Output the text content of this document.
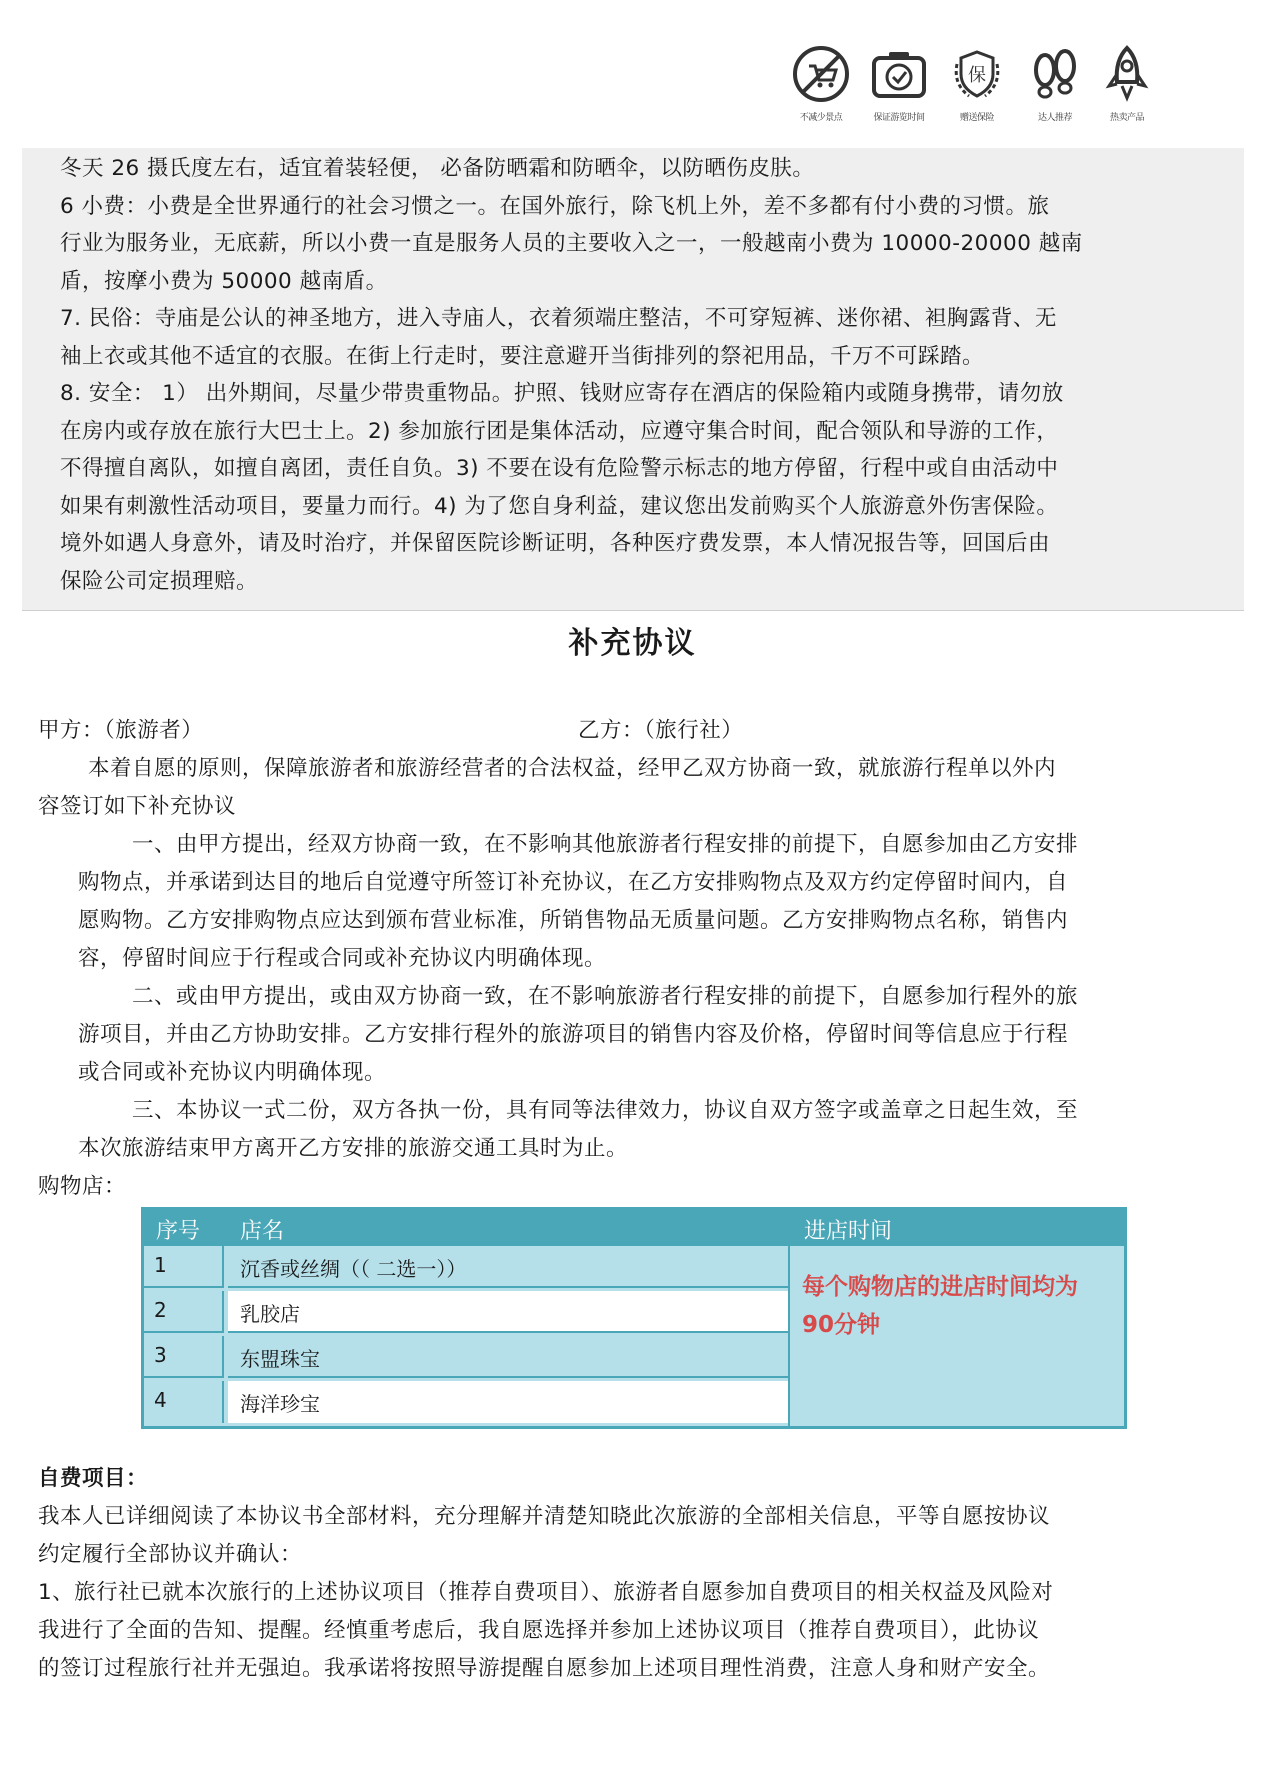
不减少景点	保证游览时间
保
赠送保险	达人推荐	热卖产品

冬天 26 摄氏度左右，适宜着装轻便， 必备防晒霜和防晒伞，以防晒伤皮肤。

6 小费：小费是全世界通行的社会习惯之一。在国外旅行，除飞机上外，差不多都有付小费的习惯。旅

行业为服务业，无底薪，所以小费一直是服务人员的主要收入之一，一般越南小费为 10000-20000 越南

盾，按摩小费为 50000 越南盾。

7. 民俗：寺庙是公认的神圣地方，进入寺庙人，衣着须端庄整洁，不可穿短裤、迷你裙、袒胸露背、无

袖上衣或其他不适宜的衣服。在街上行走时，要注意避开当街排列的祭祀用品，千万不可踩踏。

8. 安全： 1） 出外期间，尽量少带贵重物品。护照、钱财应寄存在酒店的保险箱内或随身携带，请勿放

在房内或存放在旅行大巴士上。2) 参加旅行团是集体活动，应遵守集合时间，配合领队和导游的工作，

不得擅自离队，如擅自离团，责任自负。3) 不要在设有危险警示标志的地方停留，行程中或自由活动中

如果有刺激性活动项目，要量力而行。4) 为了您自身利益，建议您出发前购买个人旅游意外伤害保险。

境外如遇人身意外，请及时治疗，并保留医院诊断证明，各种医疗费发票，本人情况报告等，回国后由

保险公司定损理赔。

补充协议

甲方：（旅游者）	乙方：（旅行社）

本着自愿的原则，保障旅游者和旅游经营者的合法权益，经甲乙双方协商一致，就旅游行程单以外内

容签订如下补充协议

一、由甲方提出，经双方协商一致，在不影响其他旅游者行程安排的前提下，自愿参加由乙方安排

购物点，并承诺到达目的地后自觉遵守所签订补充协议，在乙方安排购物点及双方约定停留时间内，自

愿购物。乙方安排购物点应达到颁布营业标准，所销售物品无质量问题。乙方安排购物点名称，销售内

容，停留时间应于行程或合同或补充协议内明确体现。

二、或由甲方提出，或由双方协商一致，在不影响旅游者行程安排的前提下，自愿参加行程外的旅

游项目，并由乙方协助安排。乙方安排行程外的旅游项目的销售内容及价格，停留时间等信息应于行程

或合同或补充协议内明确体现。

三、本协议一式二份，双方各执一份，具有同等法律效力，协议自双方签字或盖章之日起生效，至

本次旅游结束甲方离开乙方安排的旅游交通工具时为止。

购物店：

序号 店名	进店时间
1	沉香或丝绸（（ 二选一））
2	乳胶店
3	东盟珠宝
4	海洋珍宝
每个购物店的进店时间均为
90分钟

自费项目：

我本人已详细阅读了本协议书全部材料，充分理解并清楚知晓此次旅游的全部相关信息，平等自愿按协议

约定履行全部协议并确认：

1、旅行社已就本次旅行的上述协议项目（推荐自费项目）、旅游者自愿参加自费项目的相关权益及风险对

我进行了全面的告知、提醒。经慎重考虑后，我自愿选择并参加上述协议项目（推荐自费项目），此协议

的签订过程旅行社并无强迫。我承诺将按照导游提醒自愿参加上述项目理性消费，注意人身和财产安全。
